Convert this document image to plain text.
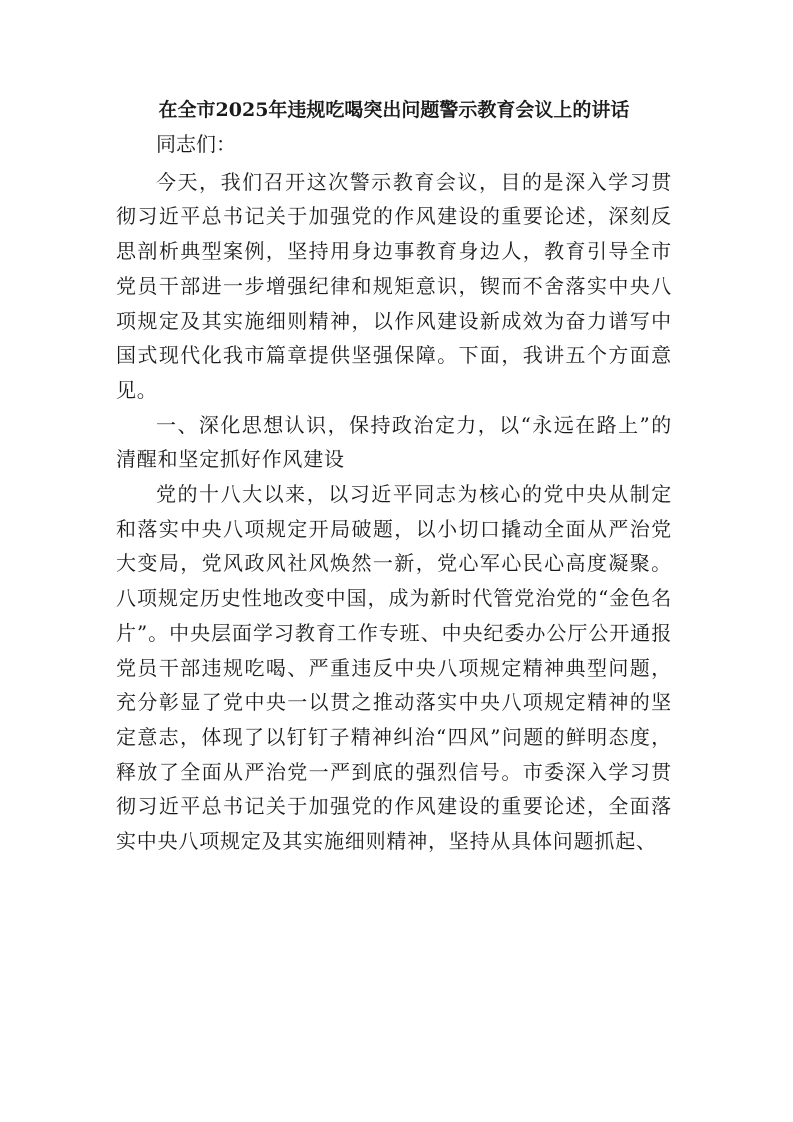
在全市2025年违规吃喝突出问题警示教育会议上的讲话

同志们：

今天，我们召开这次警示教育会议，目的是深入学习贯彻习近平总书记关于加强党的作风建设的重要论述，深刻反思剖析典型案例，坚持用身边事教育身边人，教育引导全市党员干部进一步增强纪律和规矩意识，锲而不舍落实中央八项规定及其实施细则精神，以作风建设新成效为奋力谱写中国式现代化我市篇章提供坚强保障。下面，我讲五个方面意见。

一、深化思想认识，保持政治定力，以“永远在路上”的清醒和坚定抓好作风建设

党的十八大以来，以习近平同志为核心的党中央从制定和落实中央八项规定开局破题，以小切口撬动全面从严治党大变局，党风政风社风焕然一新，党心军心民心高度凝聚。八项规定历史性地改变中国，成为新时代管党治党的“金色名片”。中央层面学习教育工作专班、中央纪委办公厅公开通报党员干部违规吃喝、严重违反中央八项规定精神典型问题，充分彰显了党中央一以贯之推动落实中央八项规定精神的坚定意志，体现了以钉钉子精神纠治“四风”问题的鲜明态度，释放了全面从严治党一严到底的强烈信号。市委深入学习贯彻习近平总书记关于加强党的作风建设的重要论述，全面落实中央八项规定及其实施细则精神，坚持从具体问题抓起、
